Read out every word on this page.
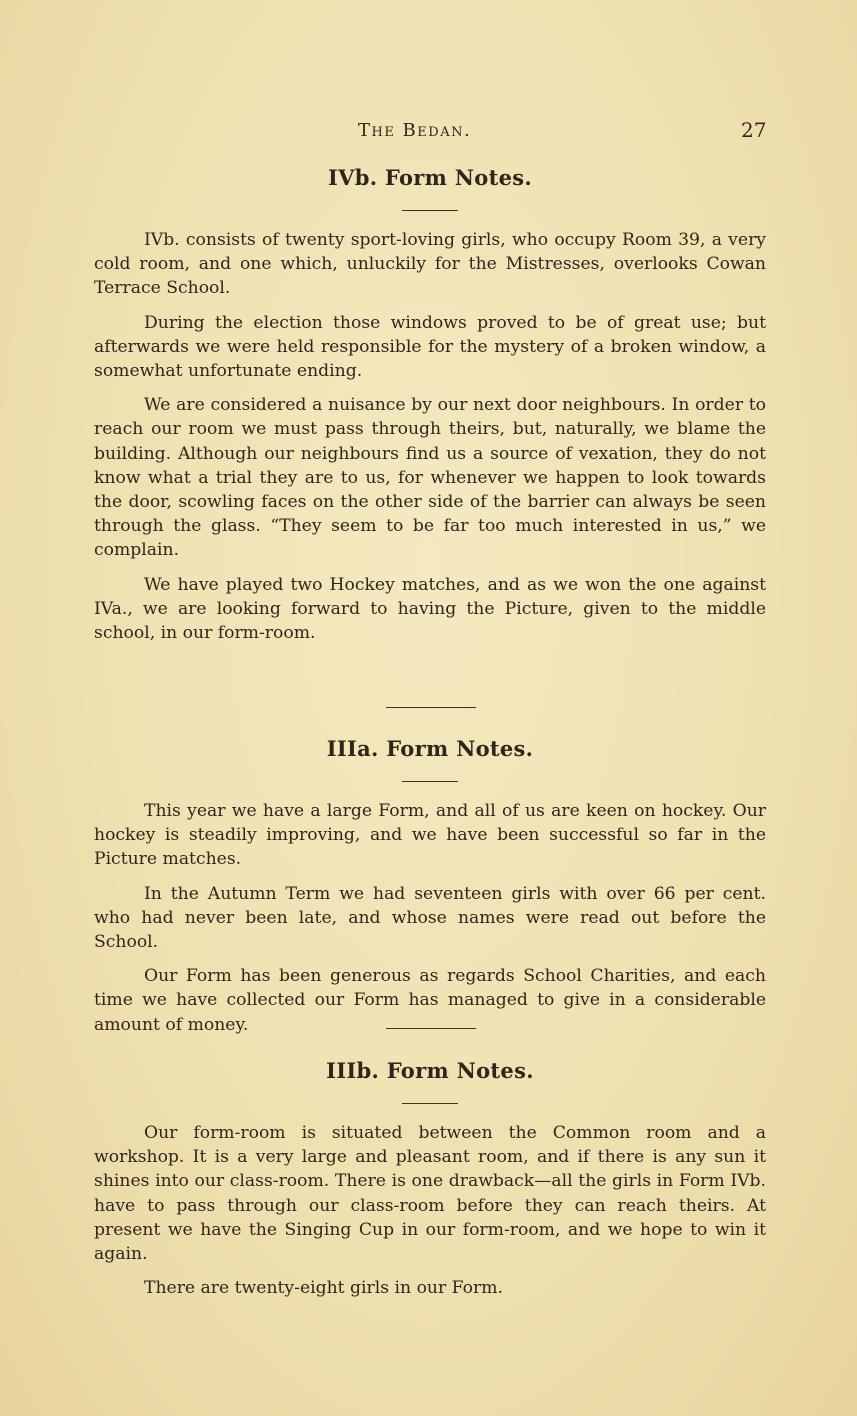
The Bedan.	27
IVb. Form Notes.

IVb. consists of twenty sport-loving girls, who occupy Room 39, a very cold room, and one which, unluckily for the Mistresses, overlooks Cowan Terrace School.

During the election those windows proved to be of great use; but afterwards we were held responsible for the mystery of a broken window, a somewhat unfortunate ending.

We are considered a nuisance by our next door neighbours. In order to reach our room we must pass through theirs, but, naturally, we blame the building. Although our neighbours find us a source of vexation, they do not know what a trial they are to us, for whenever we happen to look towards the door, scowling faces on the other side of the barrier can always be seen through the glass. “They seem to be far too much interested in us,” we complain.

We have played two Hockey matches, and as we won the one against IVa., we are looking forward to having the Picture, given to the middle school, in our form-room.

IIIa. Form Notes.

This year we have a large Form, and all of us are keen on hockey. Our hockey is steadily improving, and we have been successful so far in the Picture matches.

In the Autumn Term we had seventeen girls with over 66 per cent. who had never been late, and whose names were read out before the School.

Our Form has been generous as regards School Charities, and each time we have collected our Form has managed to give in a considerable amount of money.

IIIb. Form Notes.

Our form-room is situated between the Common room and a workshop. It is a very large and pleasant room, and if there is any sun it shines into our class-room. There is one drawback—all the girls in Form IVb. have to pass through our class-room before they can reach theirs. At present we have the Singing Cup in our form-room, and we hope to win it again.

There are twenty-eight girls in our Form.
